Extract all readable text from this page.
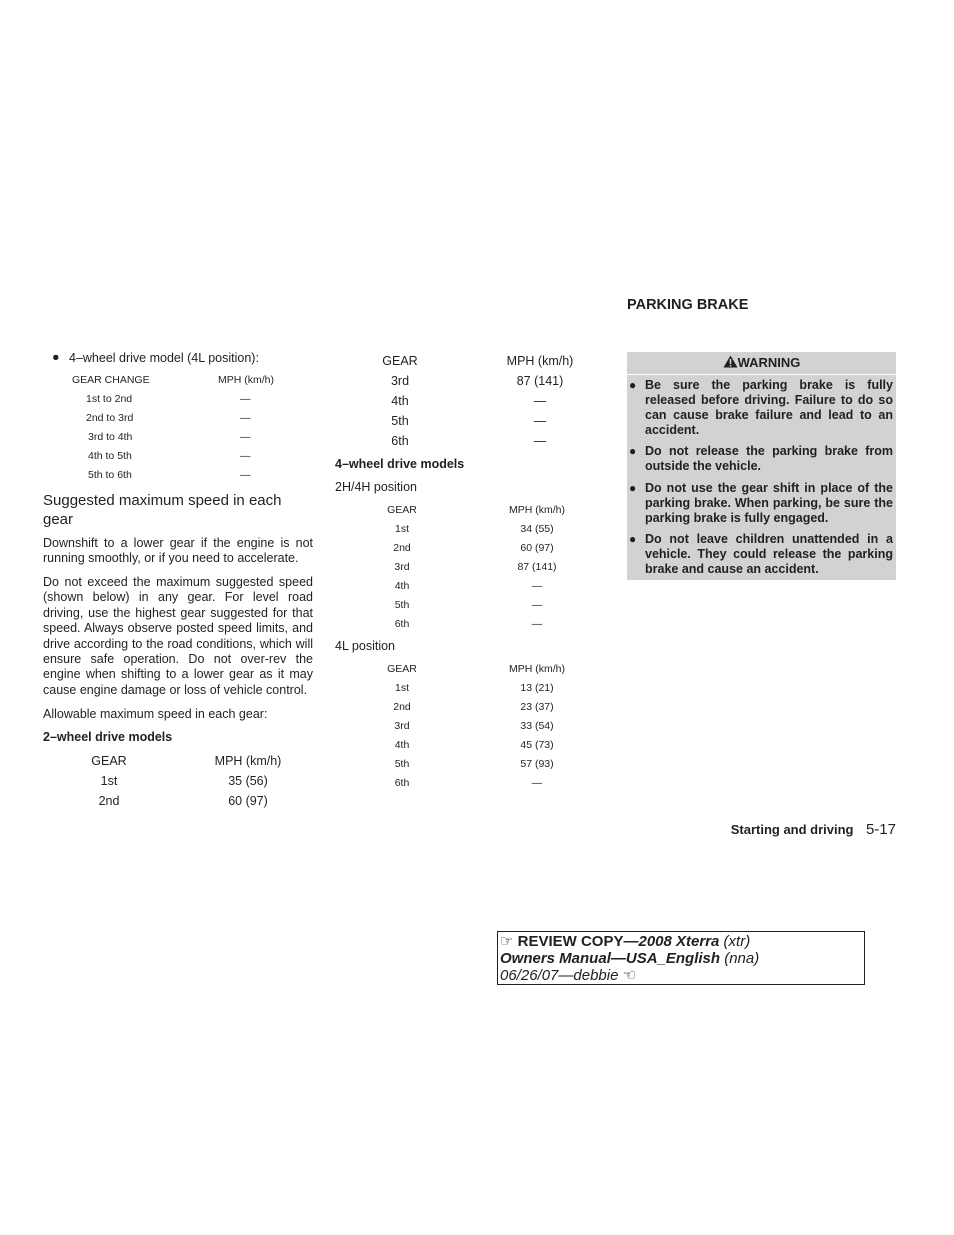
● 4–wheel drive model (4L position):
GEAR CHANGE	MPH (km/h)
1st to 2nd	—
2nd to 3rd	—
3rd to 4th	—
4th to 5th	—
5th to 6th	—
Suggested maximum speed in each gear

Downshift to a lower gear if the engine is not running smoothly, or if you need to accelerate.

Do not exceed the maximum suggested speed (shown below) in any gear. For level road driving, use the highest gear suggested for that speed. Always observe posted speed limits, and drive according to the road conditions, which will ensure safe operation. Do not over-rev the engine when shifting to a lower gear as it may cause engine damage or loss of vehicle control.

Allowable maximum speed in each gear:

2–wheel drive models
GEAR	MPH (km/h)
1st	35 (56)
2nd	60 (97)
GEAR	MPH (km/h)
3rd	87 (141)
4th	—
5th	—
6th	—
4–wheel drive models
2H/4H position
GEAR	MPH (km/h)
1st	34 (55)
2nd	60 (97)
3rd	87 (141)
4th	—
5th	—
6th	—
4L position
GEAR	MPH (km/h)
1st	13 (21)
2nd	23 (37)
3rd	33 (54)
4th	45 (73)
5th	57 (93)
6th	—
PARKING BRAKE
WARNING
● Be sure the parking brake is fully released before driving. Failure to do so can cause brake failure and lead to an accident.
● Do not release the parking brake from outside the vehicle.
● Do not use the gear shift in place of the parking brake. When parking, be sure the parking brake is fully engaged.
● Do not leave children unattended in a vehicle. They could release the parking brake and cause an accident.
Starting and driving 5-17
☞ REVIEW COPY—2008 Xterra (xtr)
Owners Manual—USA_English (nna)
06/26/07—debbie ☜
